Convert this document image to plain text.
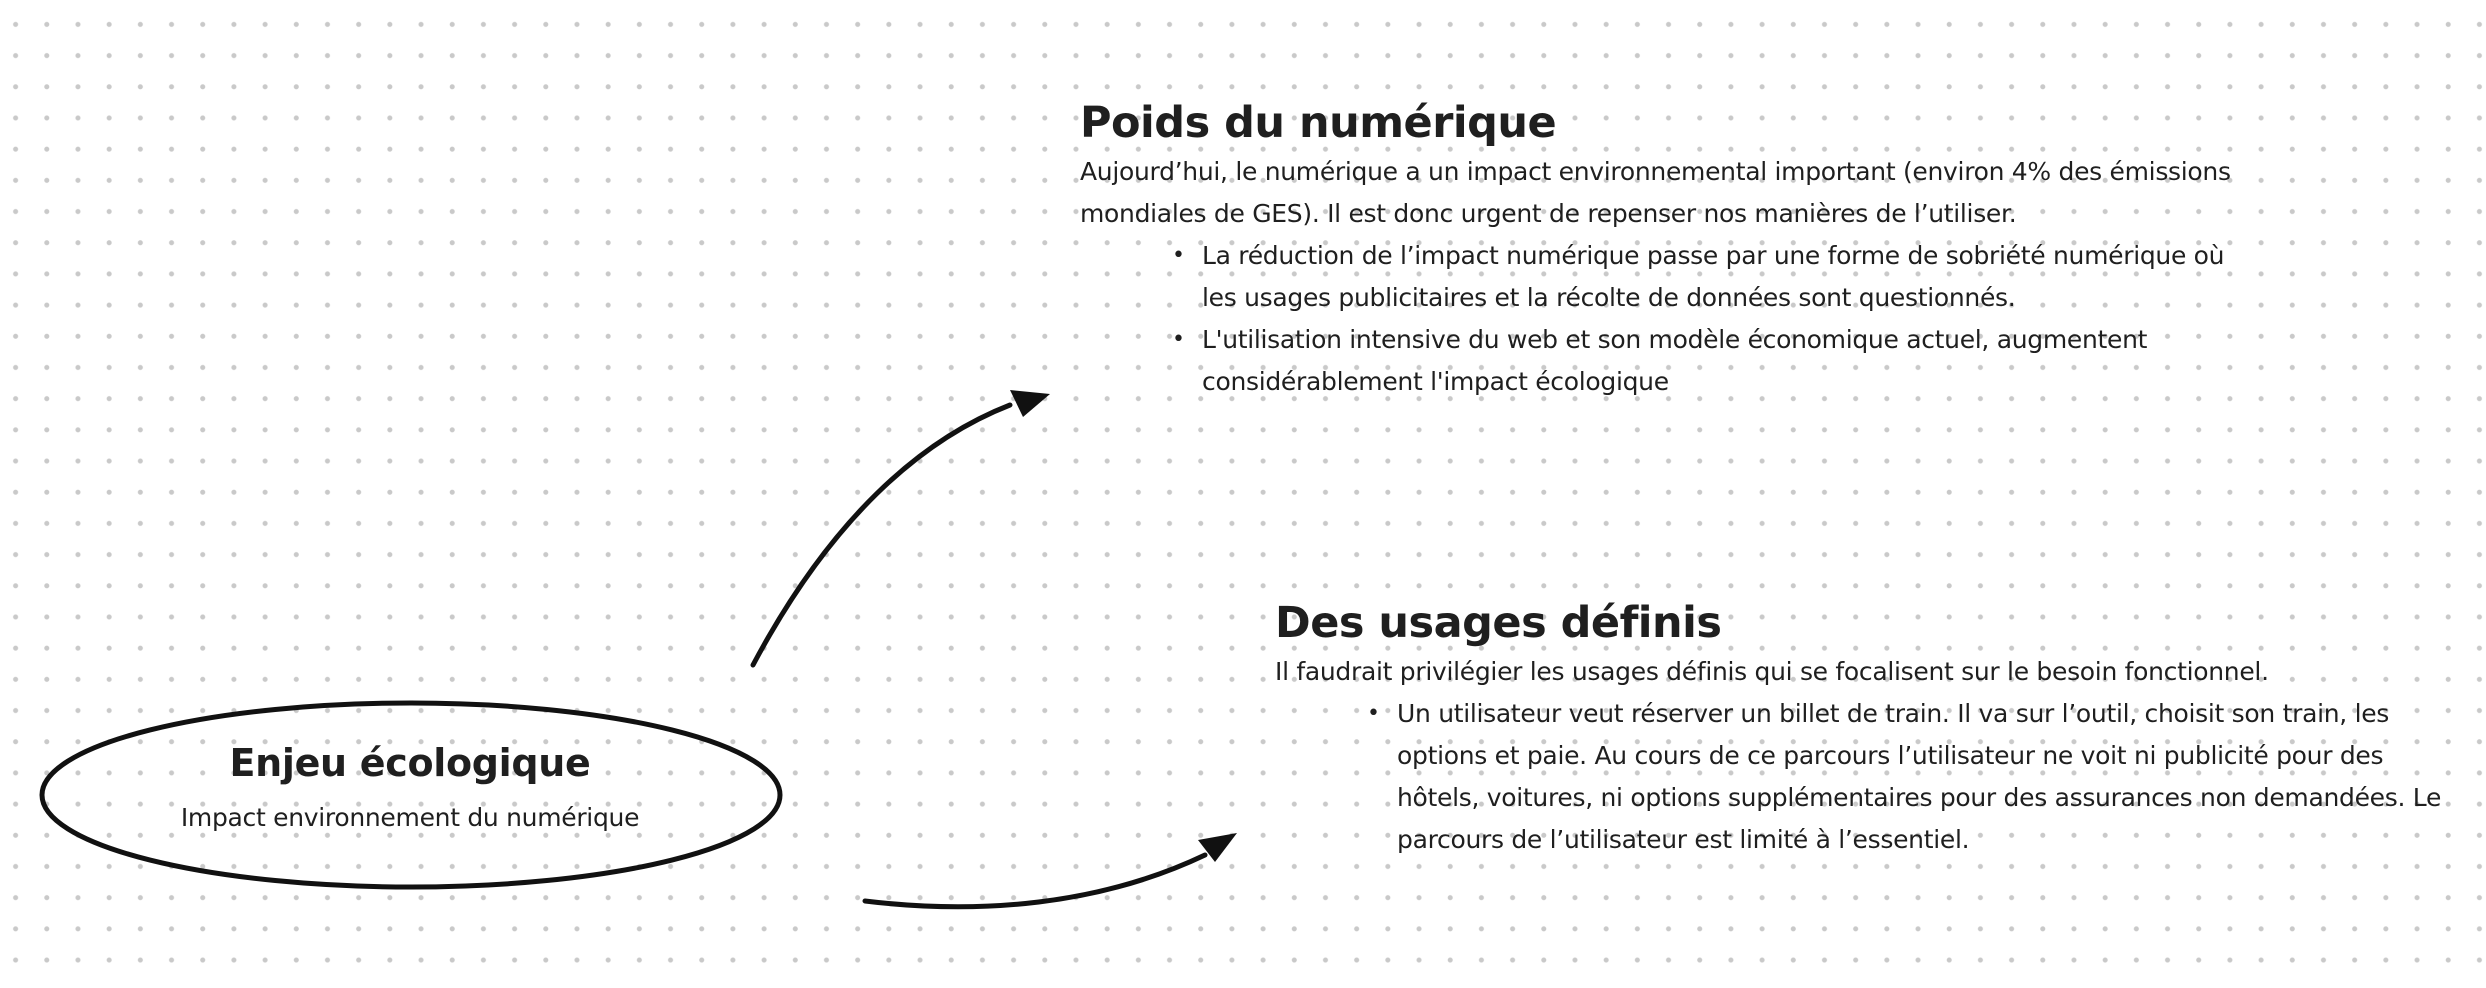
Enjeu écologique
Impact environnement du numérique
Poids du numérique

Aujourd’hui, le numérique a un impact environnemental important (environ 4% des émissions mondiales de GES). Il est donc urgent de repenser nos manières de l’utiliser.

• La réduction de l’impact numérique passe par une forme de sobriété numérique où les usages publicitaires et la récolte de données sont questionnés.
• L'utilisation intensive du web et son modèle économique actuel, augmentent considérablement l'impact écologique
Des usages définis

Il faudrait privilégier les usages définis qui se focalisent sur le besoin fonctionnel.

• Un utilisateur veut réserver un billet de train. Il va sur l’outil, choisit son train, les options et paie. Au cours de ce parcours l’utilisateur ne voit ni publicité pour des hôtels, voitures, ni options supplémentaires pour des assurances non demandées. Le parcours de l’utilisateur est limité à l’essentiel.
